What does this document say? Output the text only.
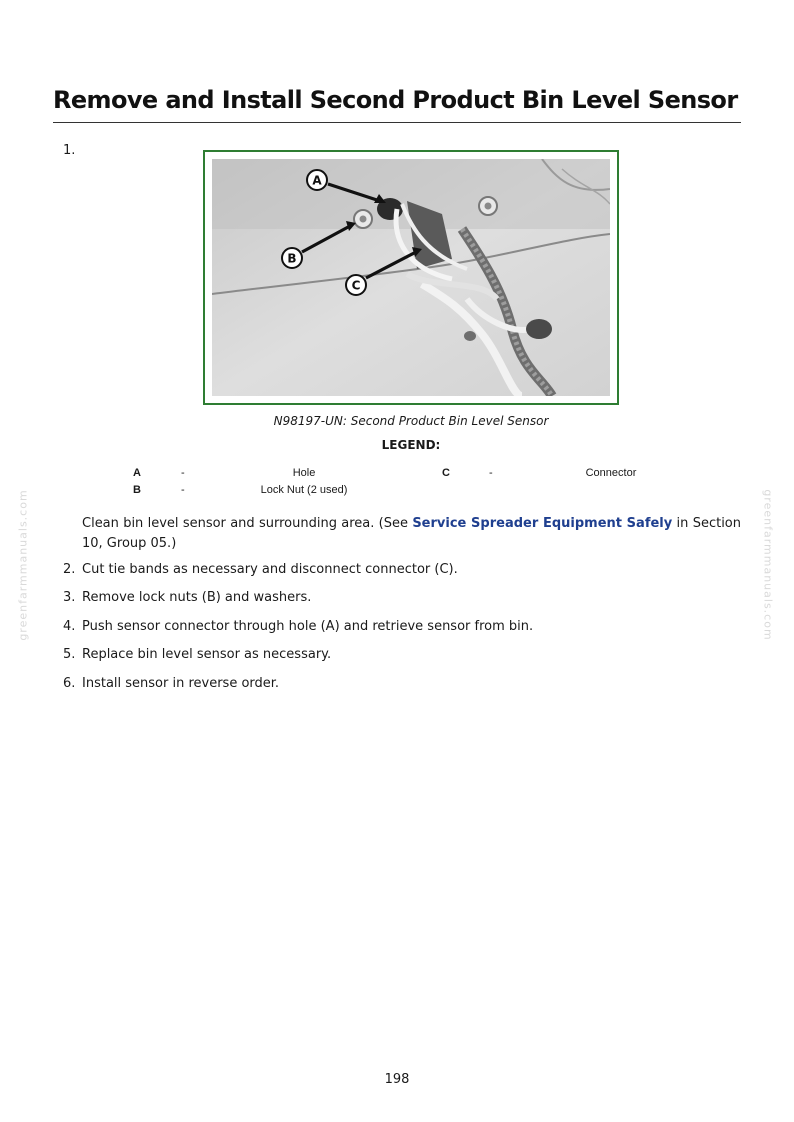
Remove and Install Second Product Bin Level Sensor
1.
A
B
C
N98197-UN: Second Product Bin Level Sensor
LEGEND:
A	-	Hole	C	-	Connector
B	-	Lock Nut (2 used)

Clean bin level sensor and surrounding area. (See Service Spreader Equipment Safely in Section 10, Group 05.)

2. Cut tie bands as necessary and disconnect connector (C).
3. Remove lock nuts (B) and washers.
4. Push sensor connector through hole (A) and retrieve sensor from bin.
5. Replace bin level sensor as necessary.
6. Install sensor in reverse order.
198
greenfarmmanuals.com	greenfarmmanuals.com
